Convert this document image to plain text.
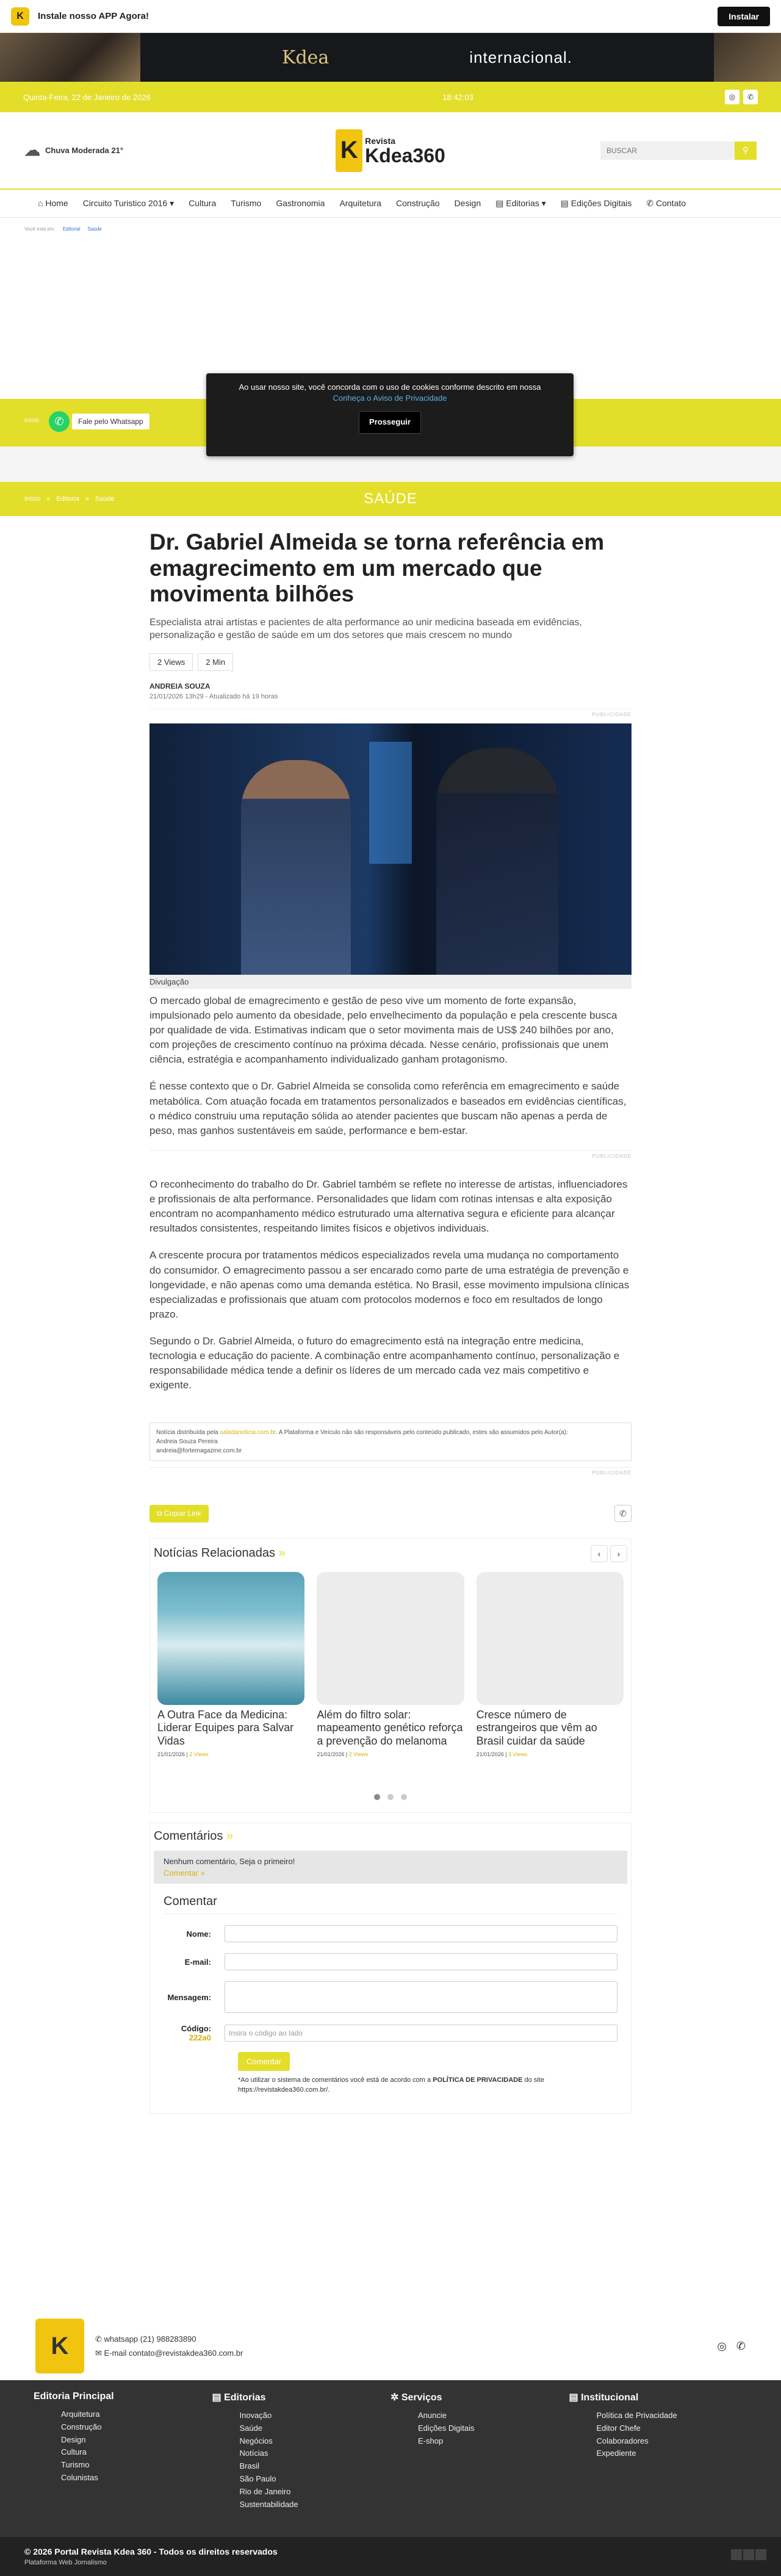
K	Instale nosso APP Agora!	Instalar
Kdea	internacional.
Quinta-Feira, 22 de Janeiro de 2026	18:42:03	◎	✆
☁ Chuva Moderada 21°	K Revista
Kdea360
BUSCAR	⚲
⌂ Home	Circuito Turistico 2016 ▾	Cultura	Turismo	Gastronomia	Arquitetura	Construção	Design	▤ Editorias ▾	▤ Edições Digitais	✆ Contato
Você está em: Editorial Saúde
Ao usar nosso site, você concorda com o uso de cookies conforme descrito em nossa
Conheça o Aviso de Privacidade
Prosseguir
Início	✆	Fale pelo Whatsapp
Início » Editoria » Saúde	SAÚDE
Dr. Gabriel Almeida se torna referência em emagrecimento em um mercado que movimenta bilhões

Especialista atrai artistas e pacientes de alta performance ao unir medicina baseada em evidências, personalização e gestão de saúde em um dos setores que mais crescem no mundo

2 Views	2 Min
ANDREIA SOUZA
21/01/2026 13h29 - Atualizado há 19 horas
PUBLICIDADE
Divulgação

O mercado global de emagrecimento e gestão de peso vive um momento de forte expansão, impulsionado pelo aumento da obesidade, pelo envelhecimento da população e pela crescente busca por qualidade de vida. Estimativas indicam que o setor movimenta mais de US$ 240 bilhões por ano, com projeções de crescimento contínuo na próxima década. Nesse cenário, profissionais que unem ciência, estratégia e acompanhamento individualizado ganham protagonismo.

É nesse contexto que o Dr. Gabriel Almeida se consolida como referência em emagrecimento e saúde metabólica. Com atuação focada em tratamentos personalizados e baseados em evidências científicas, o médico construiu uma reputação sólida ao atender pacientes que buscam não apenas a perda de peso, mas ganhos sustentáveis em saúde, performance e bem-estar.

PUBLICIDADE

O reconhecimento do trabalho do Dr. Gabriel também se reflete no interesse de artistas, influenciadores e profissionais de alta performance. Personalidades que lidam com rotinas intensas e alta exposição encontram no acompanhamento médico estruturado uma alternativa segura e eficiente para alcançar resultados consistentes, respeitando limites físicos e objetivos individuais.

A crescente procura por tratamentos médicos especializados revela uma mudança no comportamento do consumidor. O emagrecimento passou a ser encarado como parte de uma estratégia de prevenção e longevidade, e não apenas como uma demanda estética. No Brasil, esse movimento impulsiona clínicas especializadas e profissionais que atuam com protocolos modernos e foco em resultados de longo prazo.

Segundo o Dr. Gabriel Almeida, o futuro do emagrecimento está na integração entre medicina, tecnologia e educação do paciente. A combinação entre acompanhamento contínuo, personalização e responsabilidade médica tende a definir os líderes de um mercado cada vez mais competitivo e exigente.

Notícia distribuída pela saladanoticia.com.br. A Plataforma e Veículo não são responsáveis pelo conteúdo publicado, estes são assumidos pelo Autor(a):
Andreia Souza Pereira
andreia@fortemagazine.com.br
PUBLICIDADE
⧉ Copiar Link	✆
Notícias Relacionadas »	‹	›
A Outra Face da Medicina: Liderar Equipes para Salvar Vidas
21/01/2026 | 2 Views
Além do filtro solar: mapeamento genético reforça a prevenção do melanoma
21/01/2026 | 2 Views
Cresce número de estrangeiros que vêm ao Brasil cuidar da saúde
21/01/2026 | 3 Views
Comentários »
Nenhum comentário, Seja o primeiro!
Comentar »
Comentar
Nome:
E-mail:
Mensagem:
Código:
222a0	Insira o código ao lado
Comentar
*Ao utilizar o sistema de comentários você está de acordo com a POLÍTICA DE PRIVACIDADE do site https://revistakdea360.com.br/.
K	✆ whatsapp (21) 988283890
✉ E-mail contato@revistakdea360.com.br
◎ ✆
Editoria Principal
Arquitetura
Construção
Design
Cultura
Turismo
Colunistas
▤ Editorias
Inovação
Saúde
Negócios
Notícias
Brasil
São Paulo
Rio de Janeiro
Sustentabilidade
✲ Serviços
Anuncie
Edições Digitais
E-shop
▤ Institucional
Política de Privacidade
Editor Chefe
Colaboradores
Expediente
© 2026 Portal Revista Kdea 360 - Todos os direitos reservados
Plataforma Web Jornalismo
